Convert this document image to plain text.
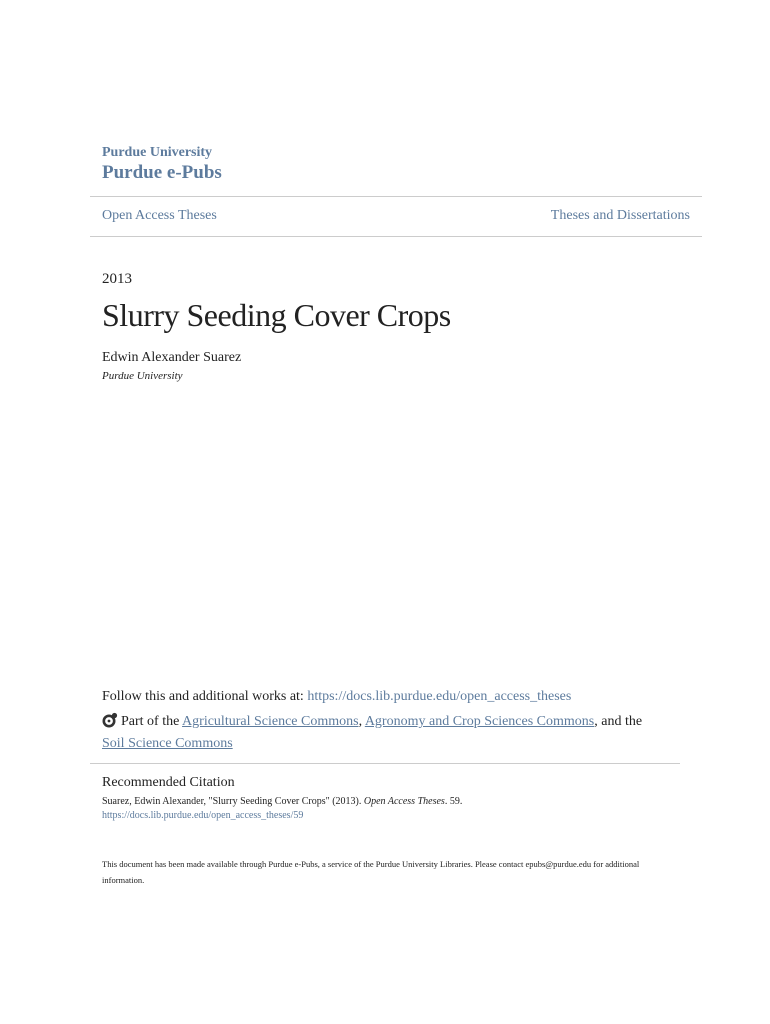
Purdue University
Purdue e-Pubs
Open Access Theses	Theses and Dissertations
2013
Slurry Seeding Cover Crops
Edwin Alexander Suarez
Purdue University
Follow this and additional works at: https://docs.lib.purdue.edu/open_access_theses
Part of the Agricultural Science Commons, Agronomy and Crop Sciences Commons, and the
Soil Science Commons
Recommended Citation
Suarez, Edwin Alexander, "Slurry Seeding Cover Crops" (2013). Open Access Theses. 59.
https://docs.lib.purdue.edu/open_access_theses/59
This document has been made available through Purdue e-Pubs, a service of the Purdue University Libraries. Please contact epubs@purdue.edu for additional information.
